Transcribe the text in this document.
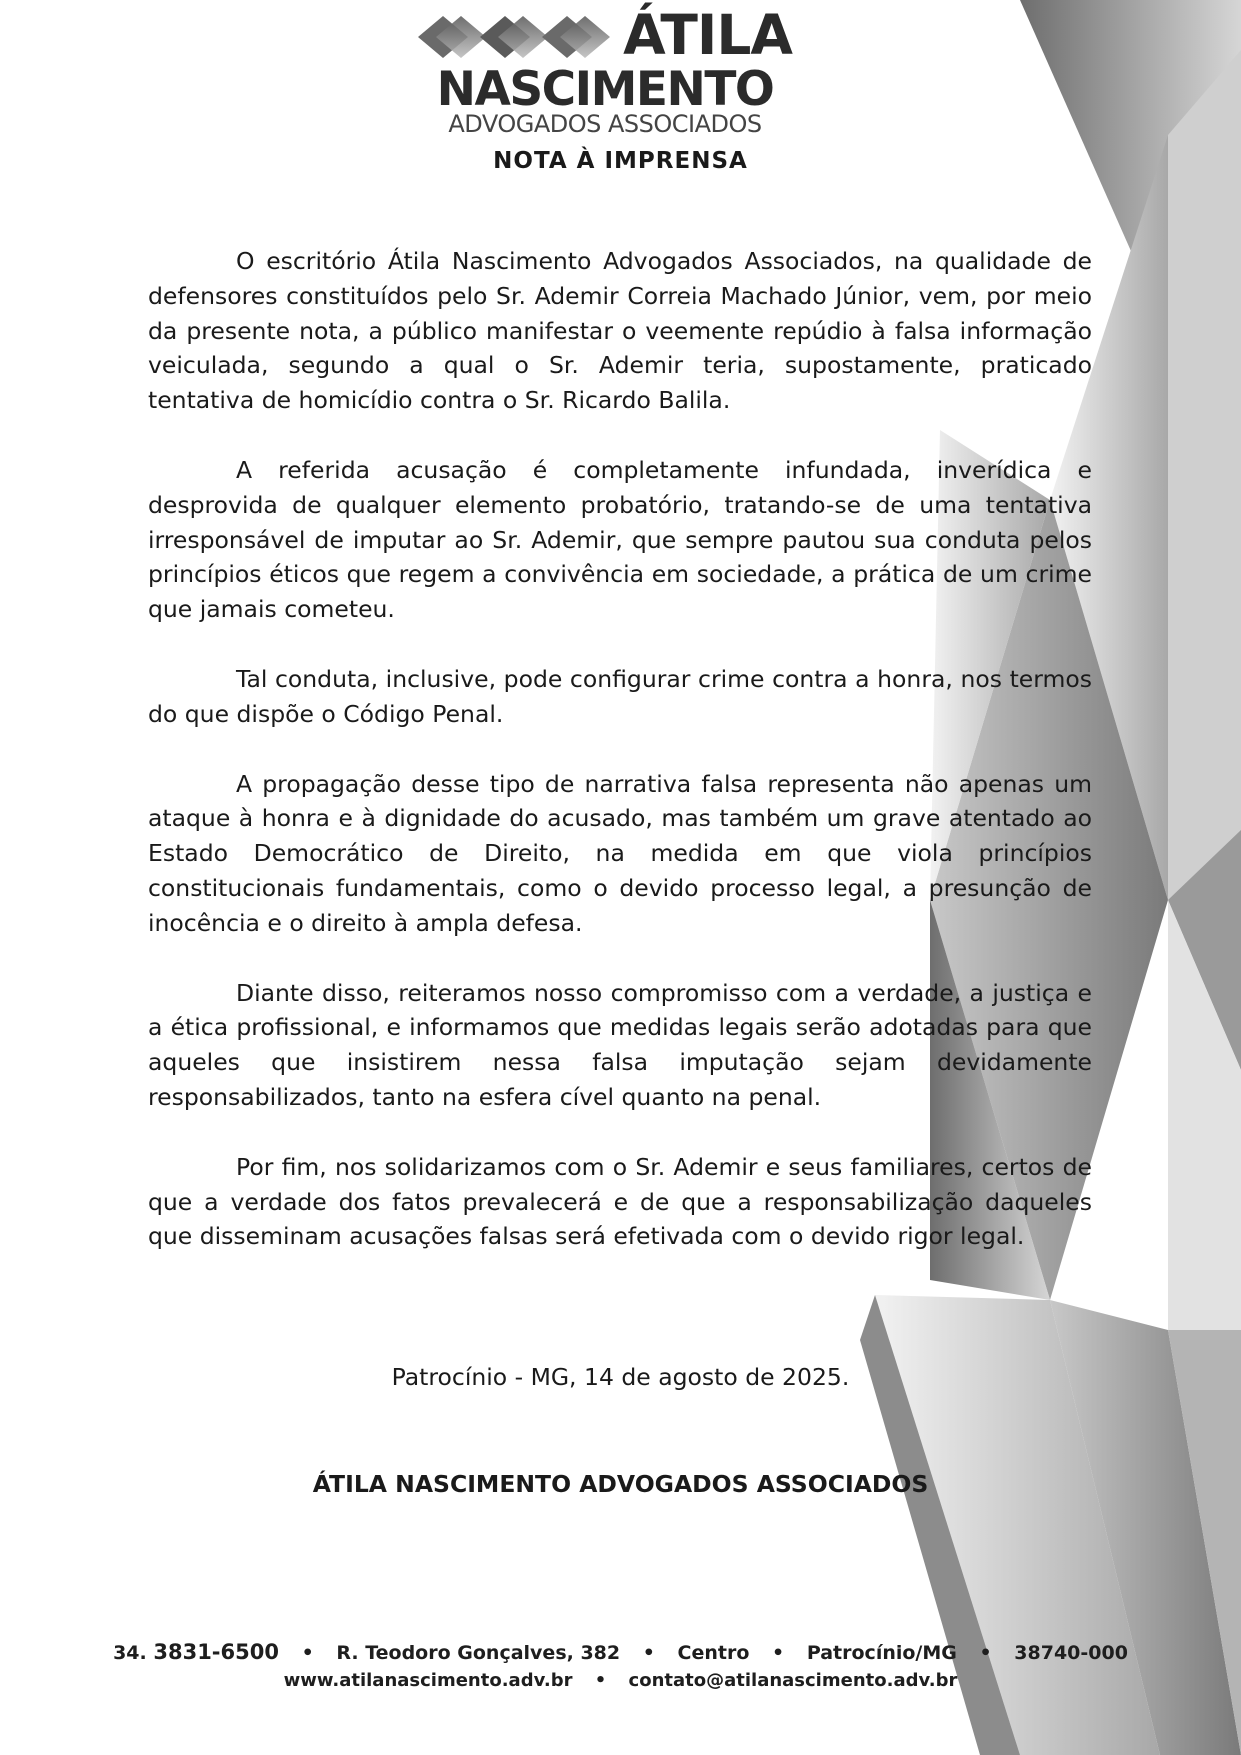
ÁTILA
NASCIMENTO
ADVOGADOS ASSOCIADOS
NOTA À IMPRENSA

O escritório Átila Nascimento Advogados Associados, na qualidade de defensores constituídos pelo Sr. Ademir Correia Machado Júnior, vem, por meio da presente nota, a público manifestar o veemente repúdio à falsa informação veiculada, segundo a qual o Sr. Ademir teria, supostamente, praticado tentativa de homicídio contra o Sr. Ricardo Balila.

A referida acusação é completamente infundada, inverídica e desprovida de qualquer elemento probatório, tratando-se de uma tentativa irresponsável de imputar ao Sr. Ademir, que sempre pautou sua conduta pelos princípios éticos que regem a convivência em sociedade, a prática de um crime que jamais cometeu.

Tal conduta, inclusive, pode configurar crime contra a honra, nos termos do que dispõe o Código Penal.

A propagação desse tipo de narrativa falsa representa não apenas um ataque à honra e à dignidade do acusado, mas também um grave atentado ao Estado Democrático de Direito, na medida em que viola princípios constitucionais fundamentais, como o devido processo legal, a presunção de inocência e o direito à ampla defesa.

Diante disso, reiteramos nosso compromisso com a verdade, a justiça e a ética profissional, e informamos que medidas legais serão adotadas para que aqueles que insistirem nessa falsa imputação sejam devidamente responsabilizados, tanto na esfera cível quanto na penal.

Por fim, nos solidarizamos com o Sr. Ademir e seus familiares, certos de que a verdade dos fatos prevalecerá e de que a responsabilização daqueles que disseminam acusações falsas será efetivada com o devido rigor legal.

Patrocínio - MG, 14 de agosto de 2025.

ÁTILA NASCIMENTO ADVOGADOS ASSOCIADOS

34. 3831-6500 • R. Teodoro Gonçalves, 382 • Centro • Patrocínio/MG • 38740-000
www.atilanascimento.adv.br • contato@atilanascimento.adv.br
